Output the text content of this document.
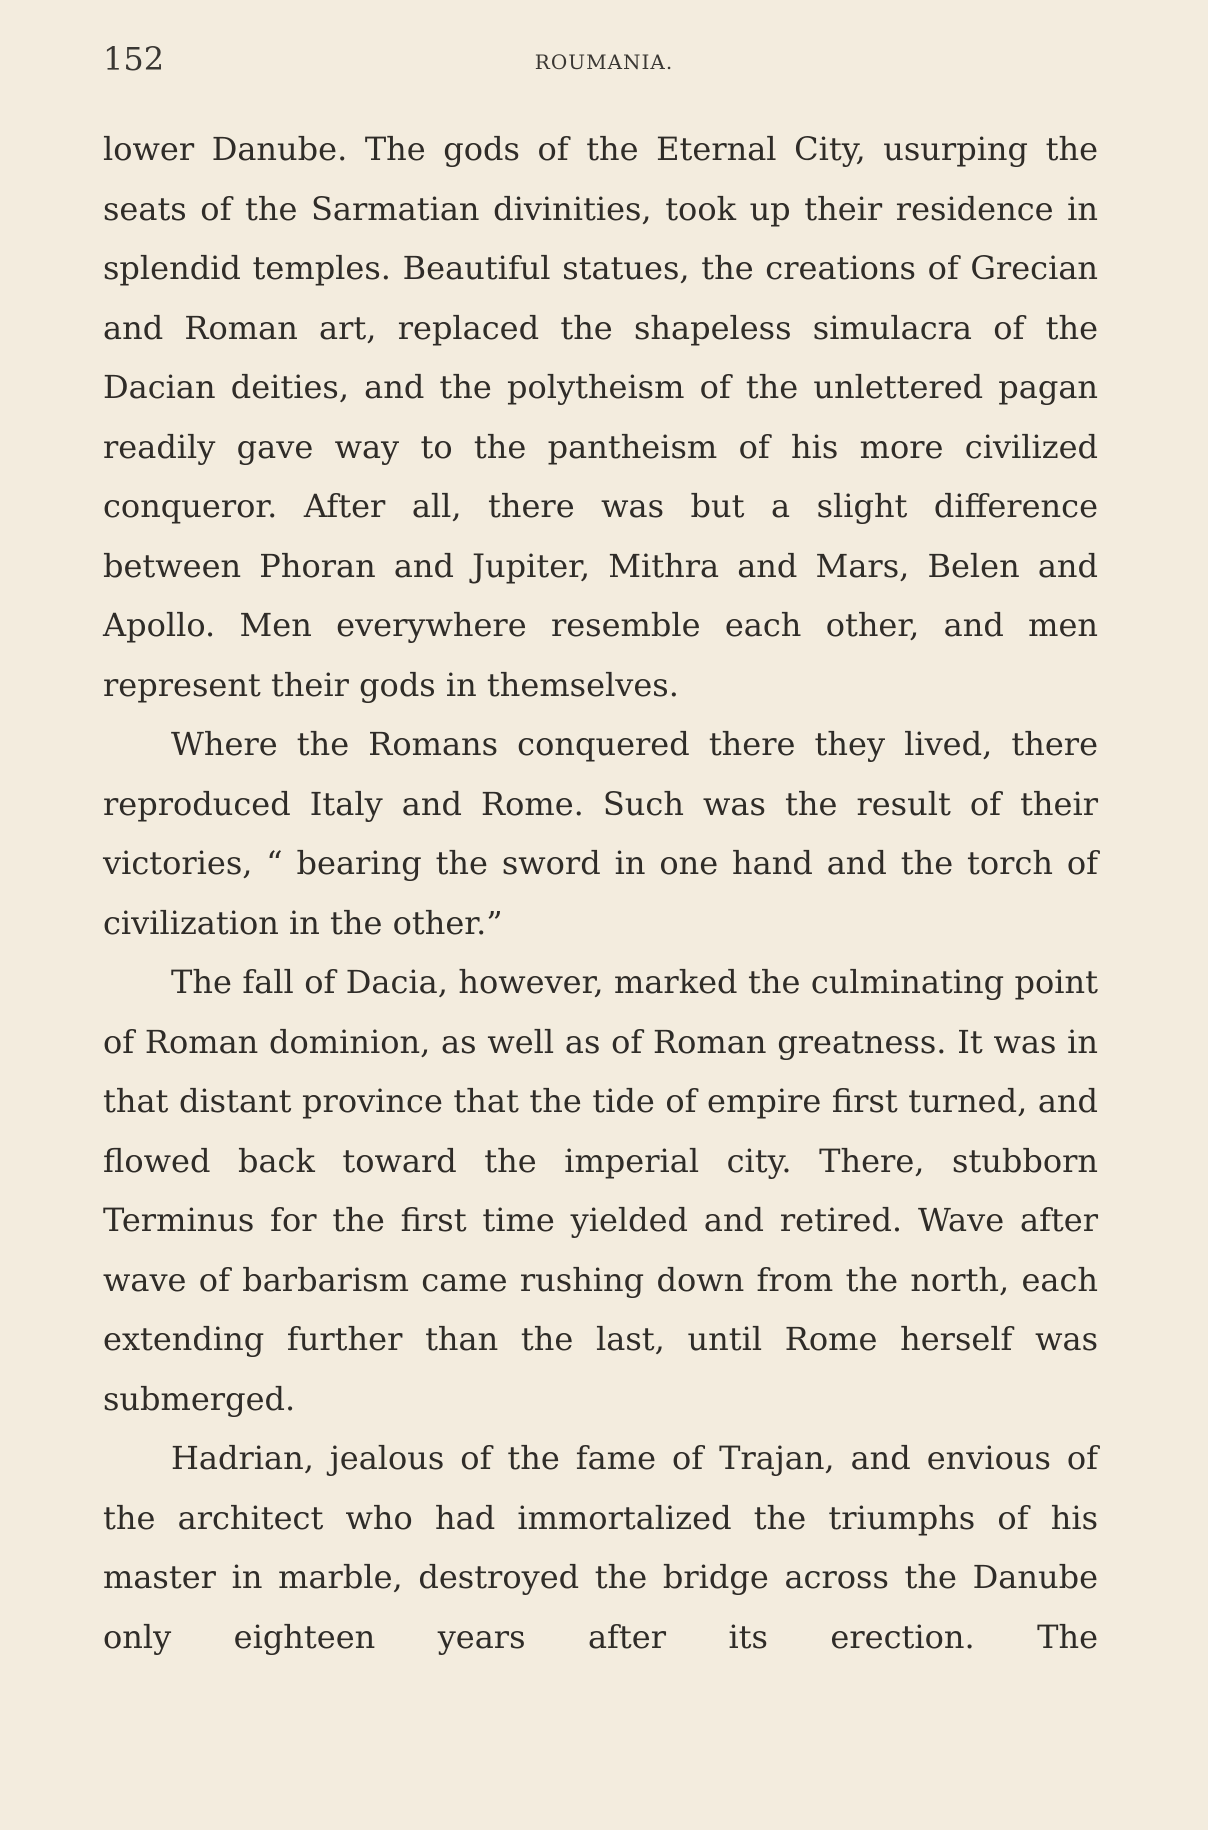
152	ROUMANIA.

lower Danube. The gods of the Eternal City, usurping the seats of the Sarmatian divinities, took up their residence in splendid temples. Beautiful statues, the creations of Grecian and Roman art, replaced the shapeless simulacra of the Dacian deities, and the polytheism of the unlettered pagan readily gave way to the pantheism of his more civilized conqueror. After all, there was but a slight difference between Phoran and Jupiter, Mithra and Mars, Belen and Apollo. Men everywhere resemble each other, and men represent their gods in themselves.

Where the Romans conquered there they lived, there reproduced Italy and Rome. Such was the result of their victories, “ bearing the sword in one hand and the torch of civilization in the other.”

The fall of Dacia, however, marked the culminating point of Roman dominion, as well as of Roman greatness. It was in that distant province that the tide of empire first turned, and flowed back toward the imperial city. There, stubborn Terminus for the first time yielded and retired. Wave after wave of barbarism came rushing down from the north, each extending further than the last, until Rome herself was submerged.

Hadrian, jealous of the fame of Trajan, and envious of the architect who had immortalized the triumphs of his master in marble, destroyed the bridge across the Danube only eighteen years after its erection. The
